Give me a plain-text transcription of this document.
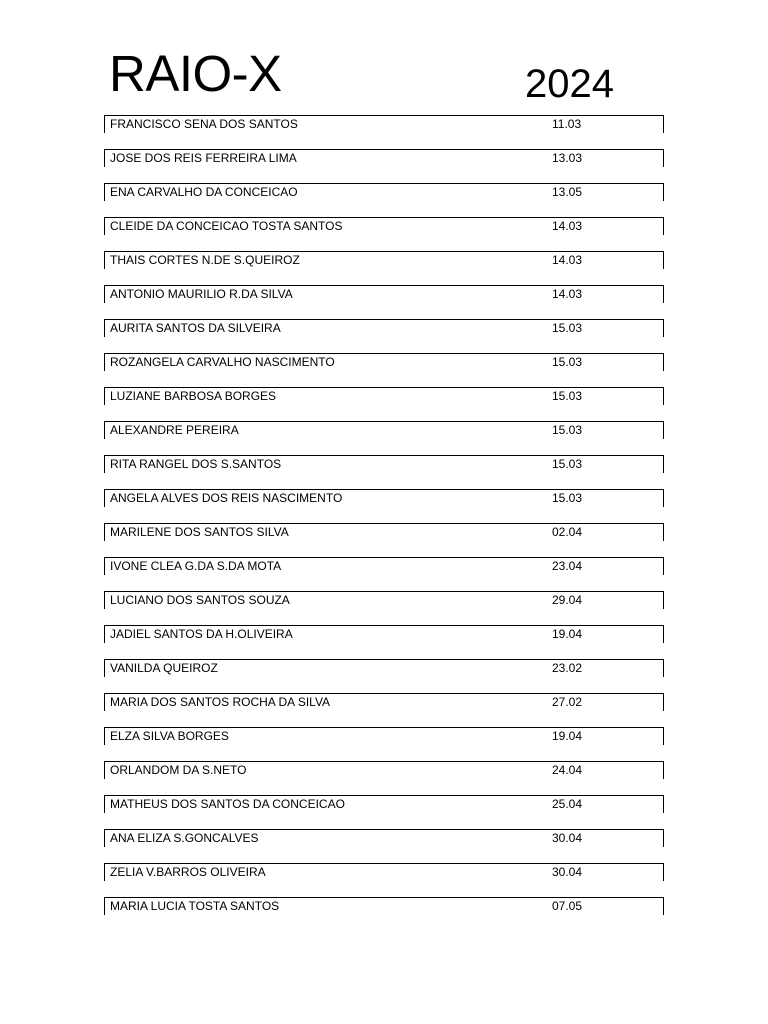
RAIO-X	2024
FRANCISCO SENA DOS SANTOS	11.03
JOSE DOS REIS FERREIRA LIMA	13.03
ENA CARVALHO DA CONCEICAO	13.05
CLEIDE DA CONCEICAO TOSTA SANTOS	14.03
THAIS CORTES N.DE S.QUEIROZ	14.03
ANTONIO MAURILIO R.DA SILVA	14.03
AURITA SANTOS DA SILVEIRA	15.03
ROZANGELA CARVALHO NASCIMENTO	15.03
LUZIANE BARBOSA BORGES	15.03
ALEXANDRE PEREIRA	15.03
RITA RANGEL DOS S.SANTOS	15.03
ANGELA ALVES DOS REIS NASCIMENTO	15.03
MARILENE DOS SANTOS SILVA	02.04
IVONE CLEA G.DA S.DA MOTA	23.04
LUCIANO DOS SANTOS SOUZA	29.04
JADIEL SANTOS DA H.OLIVEIRA	19.04
VANILDA QUEIROZ	23.02
MARIA DOS SANTOS ROCHA DA SILVA	27.02
ELZA SILVA BORGES	19.04
ORLANDOM DA S.NETO	24.04
MATHEUS DOS SANTOS DA CONCEICAO	25.04
ANA ELIZA S.GONCALVES	30.04
ZELIA V.BARROS OLIVEIRA	30.04
MARIA LUCIA TOSTA SANTOS	07.05
